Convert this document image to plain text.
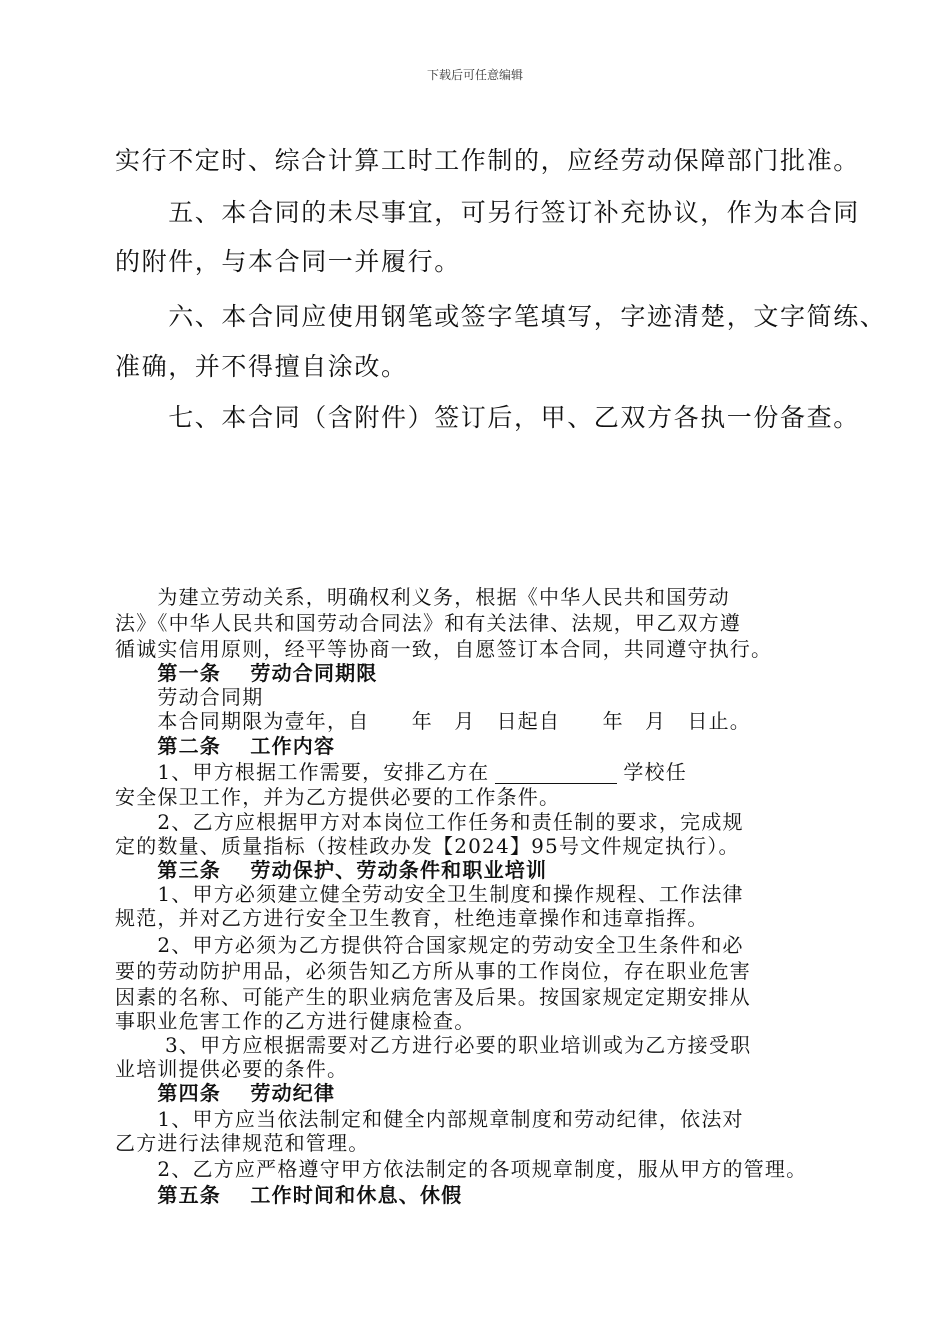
下载后可任意编辑
实行不定时、综合计算工时工作制的，应经劳动保障部门批准。
　　五、本合同的未尽事宜，可另行签订补充协议，作为本合同
的附件，与本合同一并履行。
　　六、本合同应使用钢笔或签字笔填写，字迹清楚，文字简练、
准确，并不得擅自涂改。
　　七、本合同（含附件）签订后，甲、乙双方各执一份备查。
　　为建立劳动关系，明确权利义务，根据《中华人民共和国劳动
法》《中华人民共和国劳动合同法》和有关法律、法规，甲乙双方遵
循诚实信用原则，经平等协商一致，自愿签订本合同，共同遵守执行。
　　第一条　 劳动合同期限
　　劳动合同期
　　本合同期限为壹年，自　　年　月　日起自　　年　月　日止。
　　第二条　 工作内容
　　1、甲方根据工作需要，安排乙方在	学校任
安全保卫工作，并为乙方提供必要的工作条件。
　　2、乙方应根据甲方对本岗位工作任务和责任制的要求，完成规
定的数量、质量指标（按桂政办发【2024】95号文件规定执行）。
　　第三条　 劳动保护、劳动条件和职业培训
　　1、甲方必须建立健全劳动安全卫生制度和操作规程、工作法律
规范，并对乙方进行安全卫生教育，杜绝违章操作和违章指挥。
　　2、甲方必须为乙方提供符合国家规定的劳动安全卫生条件和必
要的劳动防护用品，必须告知乙方所从事的工作岗位，存在职业危害
因素的名称、可能产生的职业病危害及后果。按国家规定定期安排从
事职业危害工作的乙方进行健康检查。
　　 3、甲方应根据需要对乙方进行必要的职业培训或为乙方接受职
业培训提供必要的条件。
　　第四条　 劳动纪律
　　1、甲方应当依法制定和健全内部规章制度和劳动纪律，依法对
乙方进行法律规范和管理。
　　2、乙方应严格遵守甲方依法制定的各项规章制度，服从甲方的管理。
　　第五条　 工作时间和休息、休假
